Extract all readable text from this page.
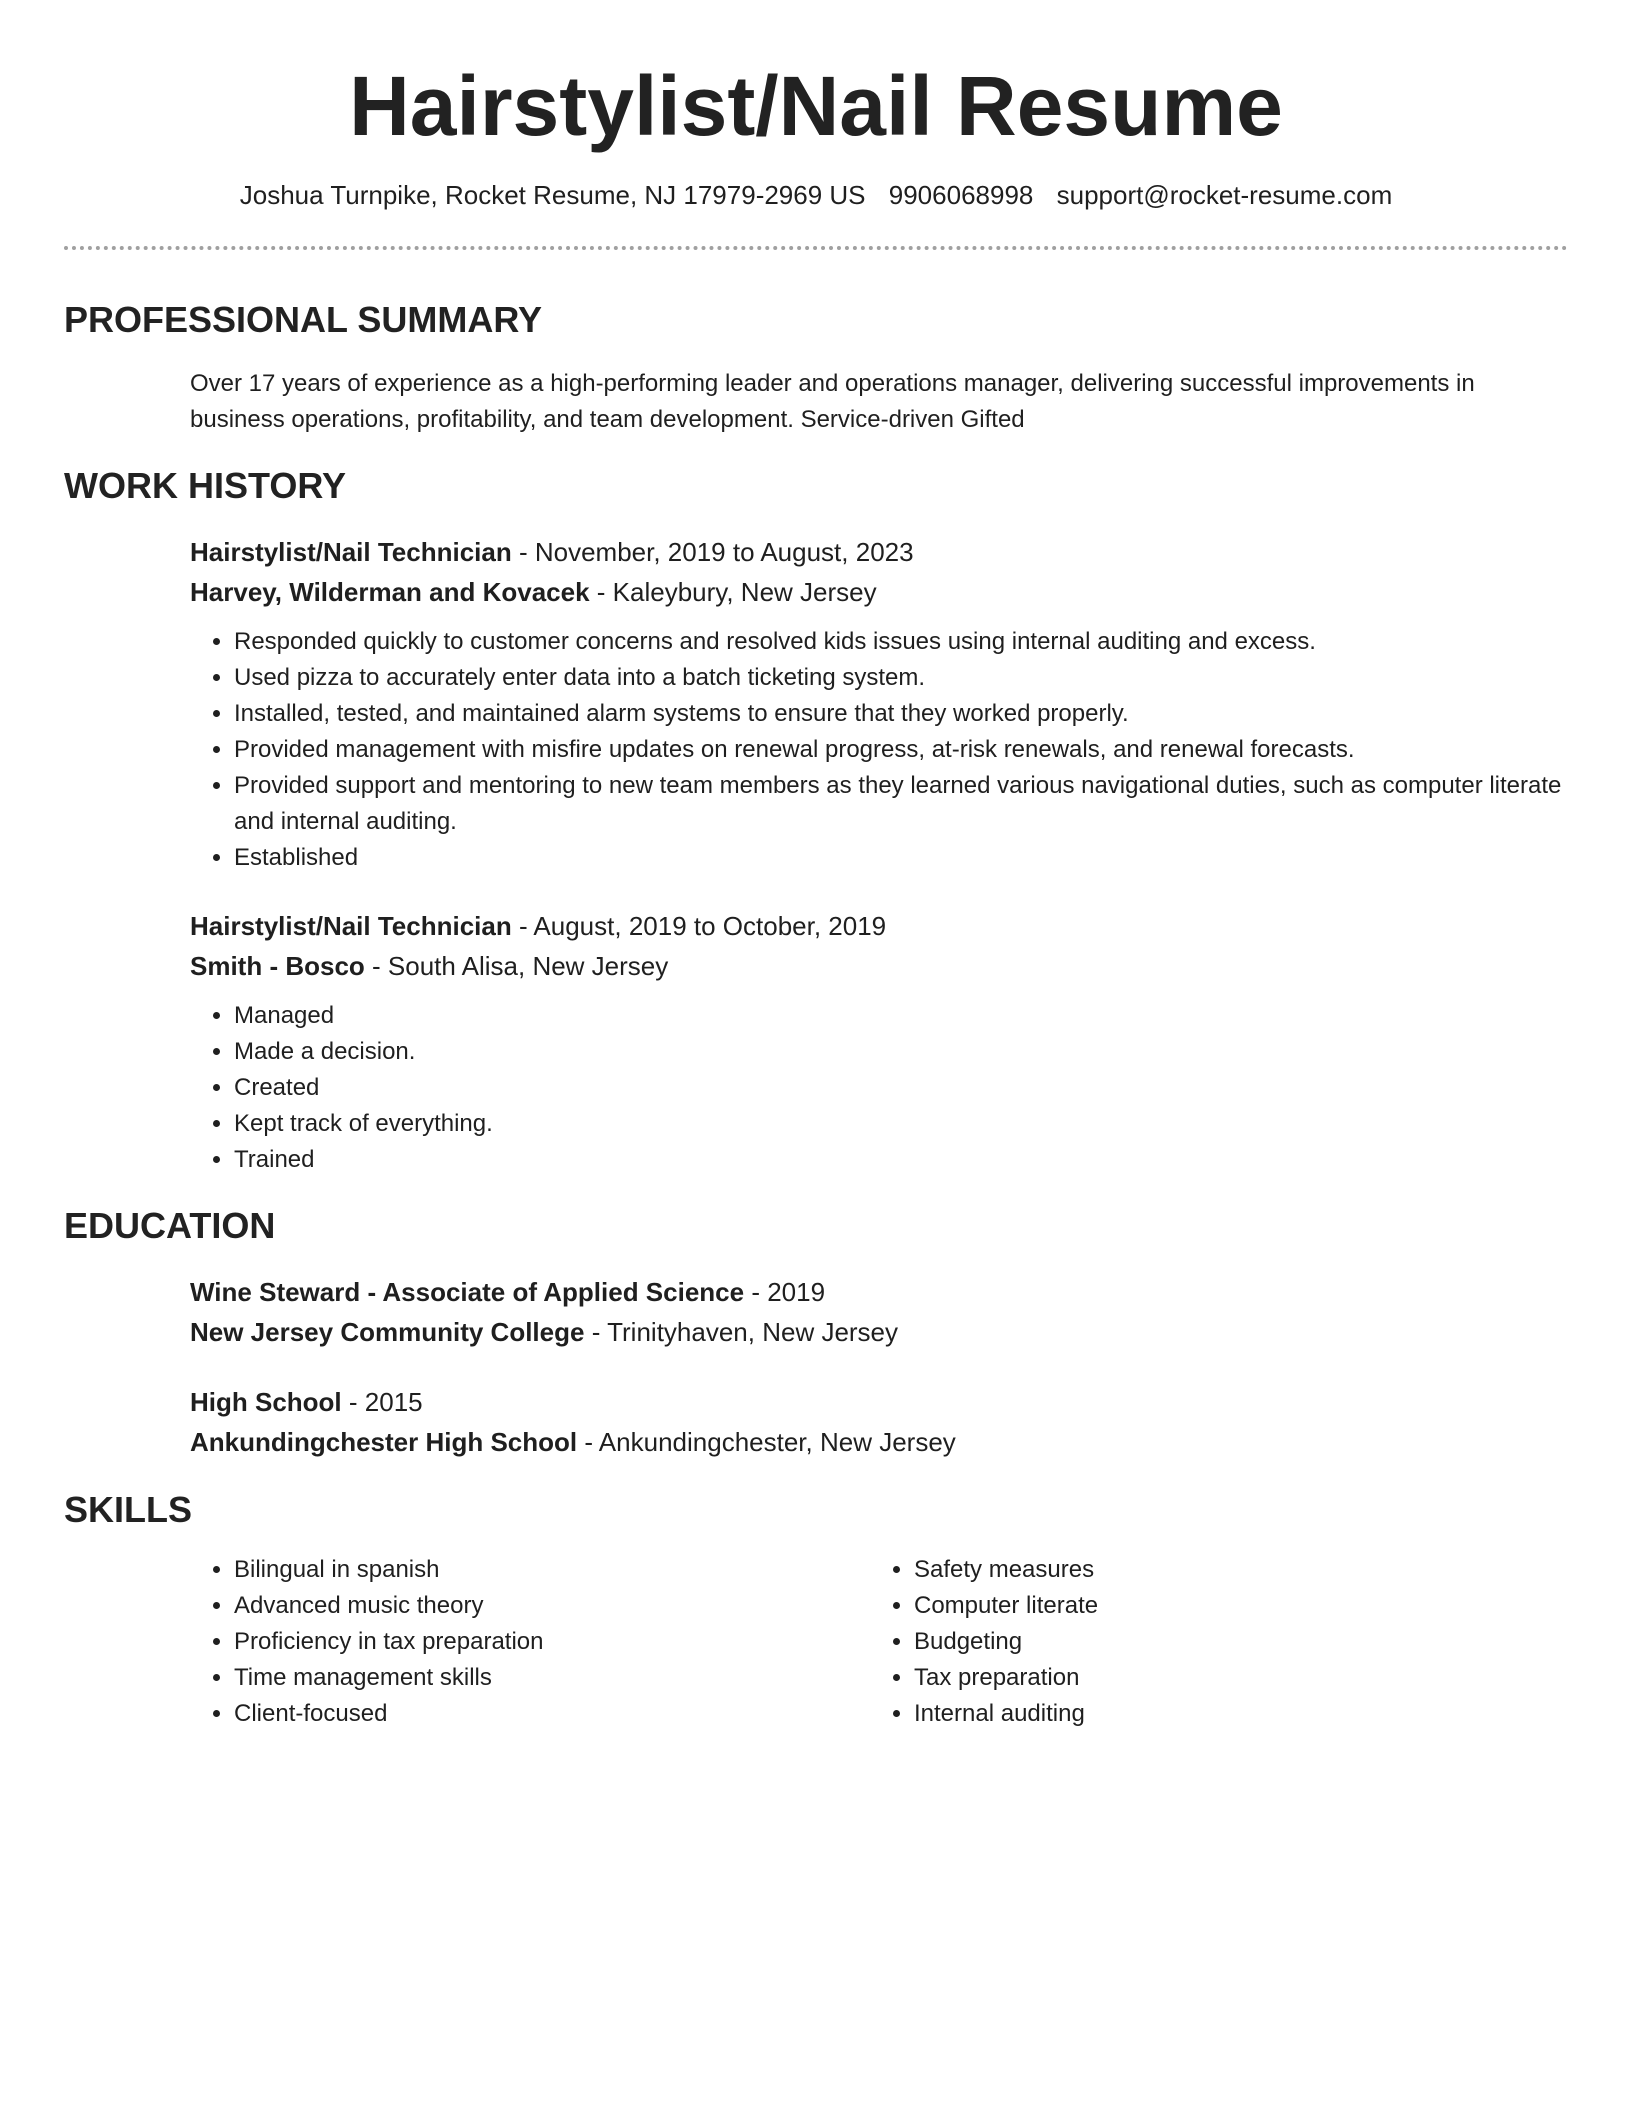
Hairstylist/Nail Resume
Joshua Turnpike, Rocket Resume, NJ 17979-2969 US 9906068998 support@rocket-resume.com
PROFESSIONAL SUMMARY
Over 17 years of experience as a high-performing leader and operations manager, delivering successful improvements in business operations, profitability, and team development. Service-driven Gifted
WORK HISTORY
Hairstylist/Nail Technician - November, 2019 to August, 2023
Harvey, Wilderman and Kovacek - Kaleybury, New Jersey
• Responded quickly to customer concerns and resolved kids issues using internal auditing and excess.
• Used pizza to accurately enter data into a batch ticketing system.
• Installed, tested, and maintained alarm systems to ensure that they worked properly.
• Provided management with misfire updates on renewal progress, at-risk renewals, and renewal forecasts.
• Provided support and mentoring to new team members as they learned various navigational duties, such as computer literate and internal auditing.
• Established
Hairstylist/Nail Technician - August, 2019 to October, 2019
Smith - Bosco - South Alisa, New Jersey
• Managed
• Made a decision.
• Created
• Kept track of everything.
• Trained
EDUCATION
Wine Steward - Associate of Applied Science - 2019
New Jersey Community College - Trinityhaven, New Jersey
High School - 2015
Ankundingchester High School - Ankundingchester, New Jersey
SKILLS
• Bilingual in spanish
• Advanced music theory
• Proficiency in tax preparation
• Time management skills
• Client-focused
• Safety measures
• Computer literate
• Budgeting
• Tax preparation
• Internal auditing
